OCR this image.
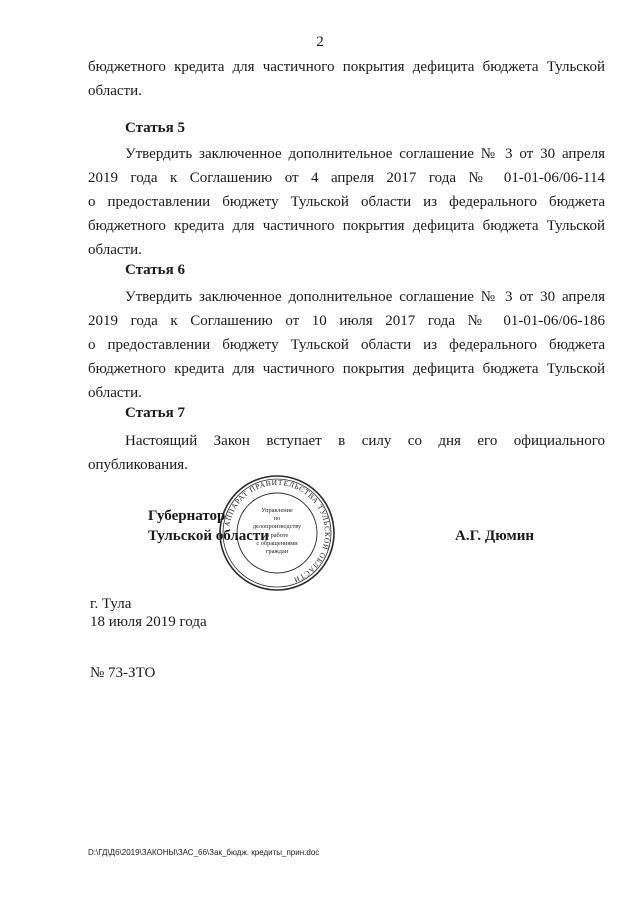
2
бюджетного кредита для частичного покрытия дефицита бюджета Тульской
области.
Статья 5
Утвердить заключенное дополнительное соглашение № 3 от 30 апреля
2019 года к Соглашению от 4 апреля 2017 года № 01-01-06/06-114
о предоставлении бюджету Тульской области из федерального бюджета
бюджетного кредита для частичного покрытия дефицита бюджета Тульской
области.
Статья 6
Утвердить заключенное дополнительное соглашение № 3 от 30 апреля
2019 года к Соглашению от 10 июля 2017 года № 01-01-06/06-186
о предоставлении бюджету Тульской области из федерального бюджета
бюджетного кредита для частичного покрытия дефицита бюджета Тульской
области.
Статья 7
Настоящий Закон вступает в силу со дня его официального
опубликования.
АППАРАТ ПРАВИТЕЛЬСТВА ТУЛЬСКОЙ ОБЛАСТИ
Управление
по делопроизводству
и работе
с обращениями
граждан
Губернатор
Тульской области	А.Г. Дюмин
г. Тула
18 июля 2019 года
№ 73-ЗТО
D:\ГД\Д6\2019\ЗАКОНЫ\ЗАС_66\Зак_бюдж. кредиты_прин.doc
